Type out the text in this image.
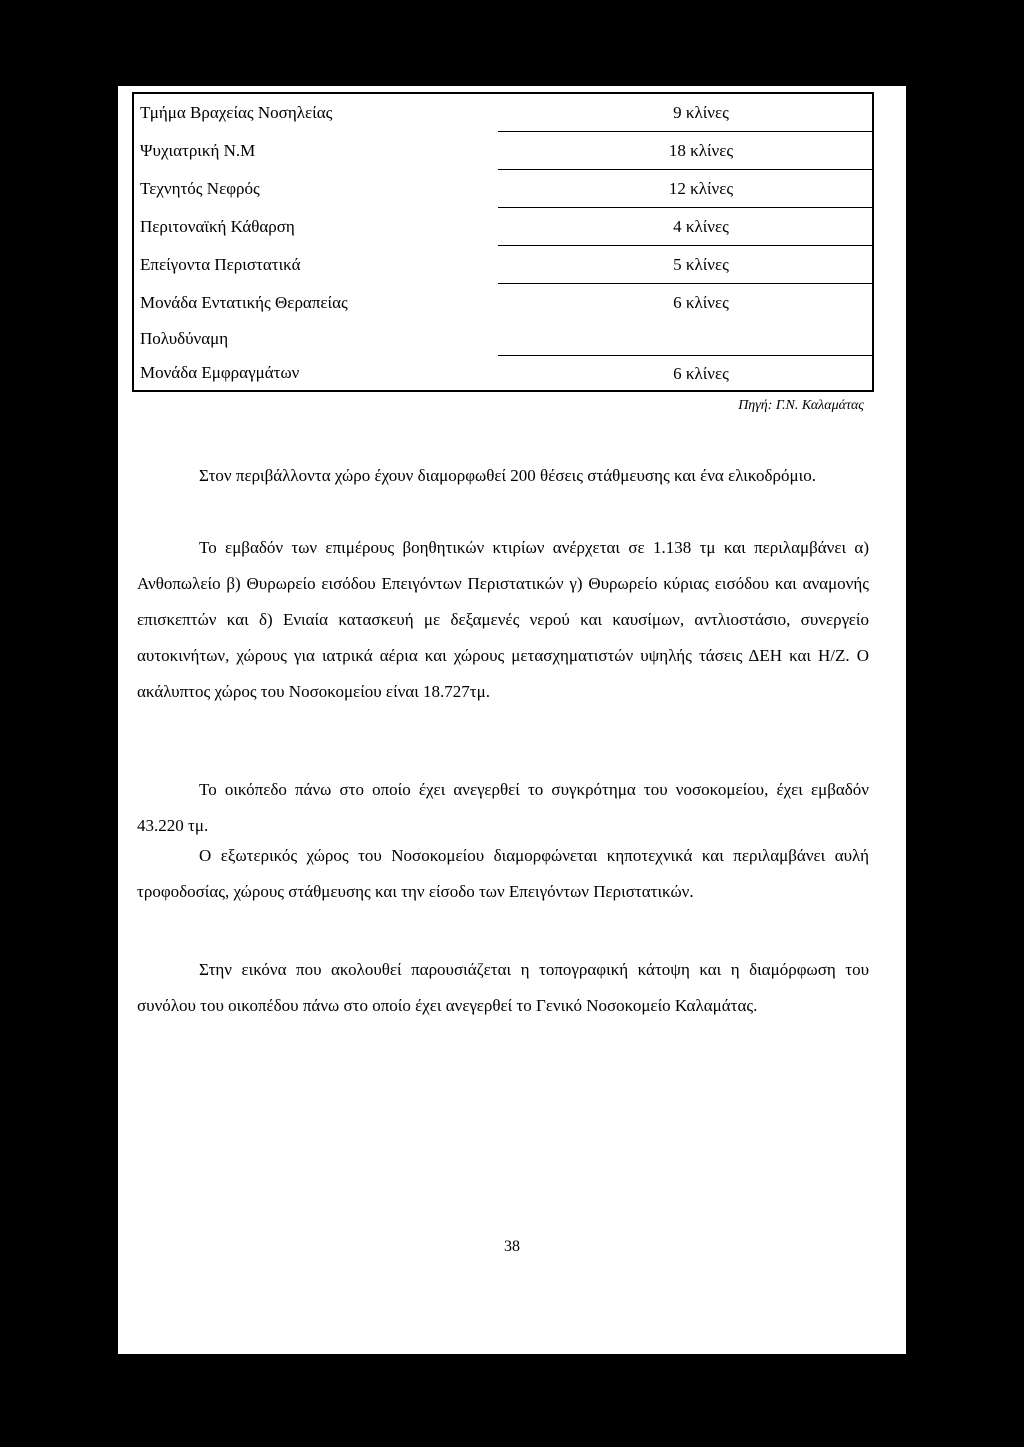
Τμήμα Βραχείας Νοσηλείας	9 κλίνες
Ψυχιατρική Ν.Μ	18 κλίνες
Τεχνητός Νεφρός	12 κλίνες
Περιτοναϊκή Κάθαρση	4 κλίνες
Επείγοντα Περιστατικά	5 κλίνες
Μονάδα Εντατικής Θεραπείας	6 κλίνες
Πολυδύναμη	
Μονάδα Εμφραγμάτων	6 κλίνες
Πηγή: Γ.Ν. Καλαμάτας

Στον περιβάλλοντα χώρο έχουν διαμορφωθεί 200 θέσεις στάθμευσης και ένα ελικοδρόμιο.

Το εμβαδόν των επιμέρους βοηθητικών κτιρίων ανέρχεται σε 1.138 τμ και περιλαμβάνει α) Ανθοπωλείο β) Θυρωρείο εισόδου Επειγόντων Περιστατικών γ) Θυρωρείο κύριας εισόδου και αναμονής επισκεπτών και δ) Ενιαία κατασκευή με δεξαμενές νερού και καυσίμων, αντλιοστάσιο, συνεργείο αυτοκινήτων, χώρους για ιατρικά αέρια και χώρους μετασχηματιστών υψηλής τάσεις ΔΕΗ και Η/Ζ. Ο ακάλυπτος χώρος του Νοσοκομείου είναι 18.727τμ.

Το οικόπεδο πάνω στο οποίο έχει ανεγερθεί το συγκρότημα του νοσοκομείου, έχει εμβαδόν 43.220 τμ.

Ο εξωτερικός χώρος του Νοσοκομείου διαμορφώνεται κηποτεχνικά και περιλαμβάνει αυλή τροφοδοσίας, χώρους στάθμευσης και την είσοδο των Επειγόντων Περιστατικών.

Στην εικόνα που ακολουθεί παρουσιάζεται η τοπογραφική κάτοψη και η διαμόρφωση του συνόλου του οικοπέδου πάνω στο οποίο έχει ανεγερθεί το Γενικό Νοσοκομείο Καλαμάτας.

38
